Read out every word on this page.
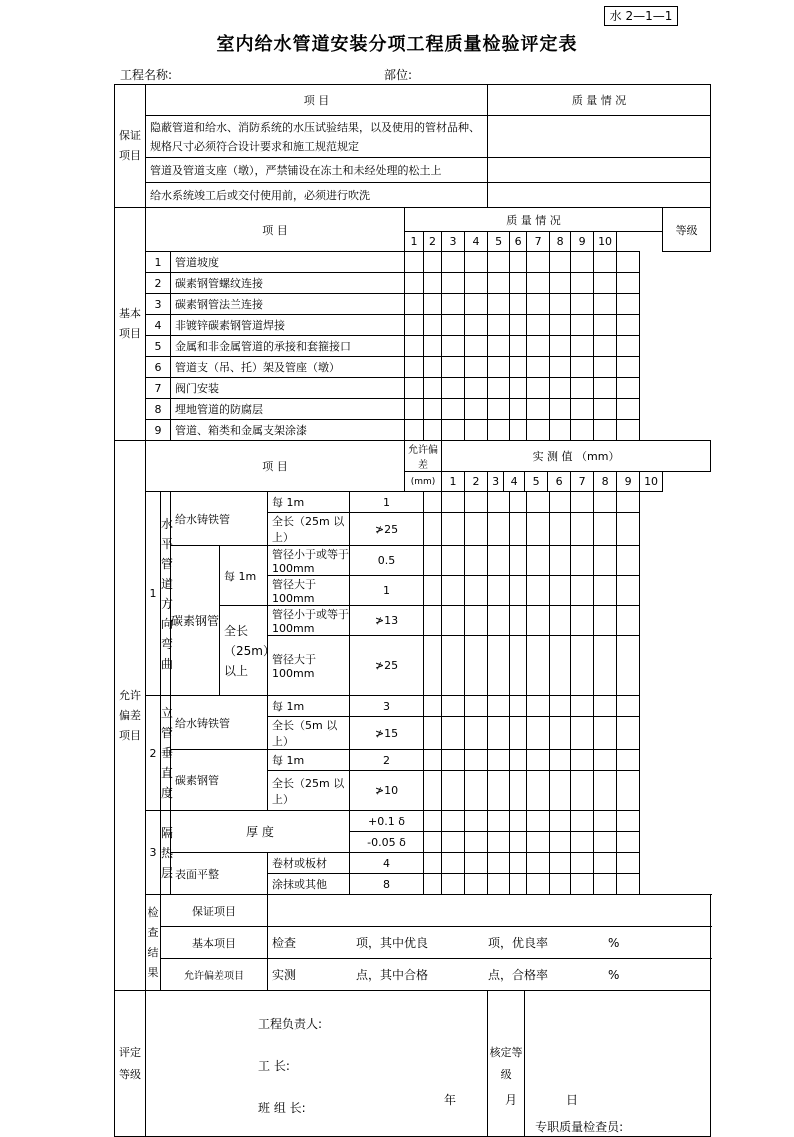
水 2—1—1
室内给水管道安装分项工程质量检验评定表
工程名称:	部位:
保证项目	项 目										质 量 情 况											
	隐蔽管道和给水、消防系统的水压试验结果，以及使用的管材品种、规格尺寸必须符合设计要求和施工规范规定																					
	管道及管道支座（墩），严禁铺设在冻土和未经处理的松土上																					
	给水系统竣工后或交付使用前，必须进行吹洗																					
基本项目	项 目						质 量 情 况															等级
							1	2	3	4	5		6		7		8	9	10			
	1		管道坡度																			
	2		碳素钢管螺纹连接																			
	3		碳素钢管法兰连接																			
	4		非镀锌碳素钢管道焊接																			
	5		金属和非金属管道的承接和套箍接口																			
	6		管道支（吊、托）架及管座（墩）																			
	7		阀门安装																			
	8		埋地管道的防腐层																			
	9		管道、箱类和金属支架涂漆																			
允许偏差项目	项 目						允许偏差		实 测 值 （mm）													
							(mm)		1	2	3	4		5		6		7	8	9	10	
	1	水平管道方向弯曲	给水铸铁管		每 1m	1																
					全长（25m 以上）	≯25																
			碳素钢管	每 1m	管径小于或等于 100mm	0.5																
					管径大于 100mm	1																
				全长（25m）以上	管径小于或等于 100mm	≯13																
					管径大于 100mm	≯25																

	2	立管垂直度	给水铸铁管		每 1m	3																
					全长（5m 以上）	≯15																
			碳素钢管		每 1m	2																
					全长（25m 以上）	≯10																
	3	隔热层	厚 度			+0.1 δ																
						-0.05 δ																
			表面平整		卷材或板材	4																
					涂抹或其他	8																
	检查结果	保证项目																				
		基本项目			检查 项，其中优良 项，优良率 %																	
		允许偏差项目			实测 点，其中合格 点，合格率 %																	
评定等级	工程负责人:
工 长:
班 组 长:										核定等级			专职质量检查员:								
年	月	日
